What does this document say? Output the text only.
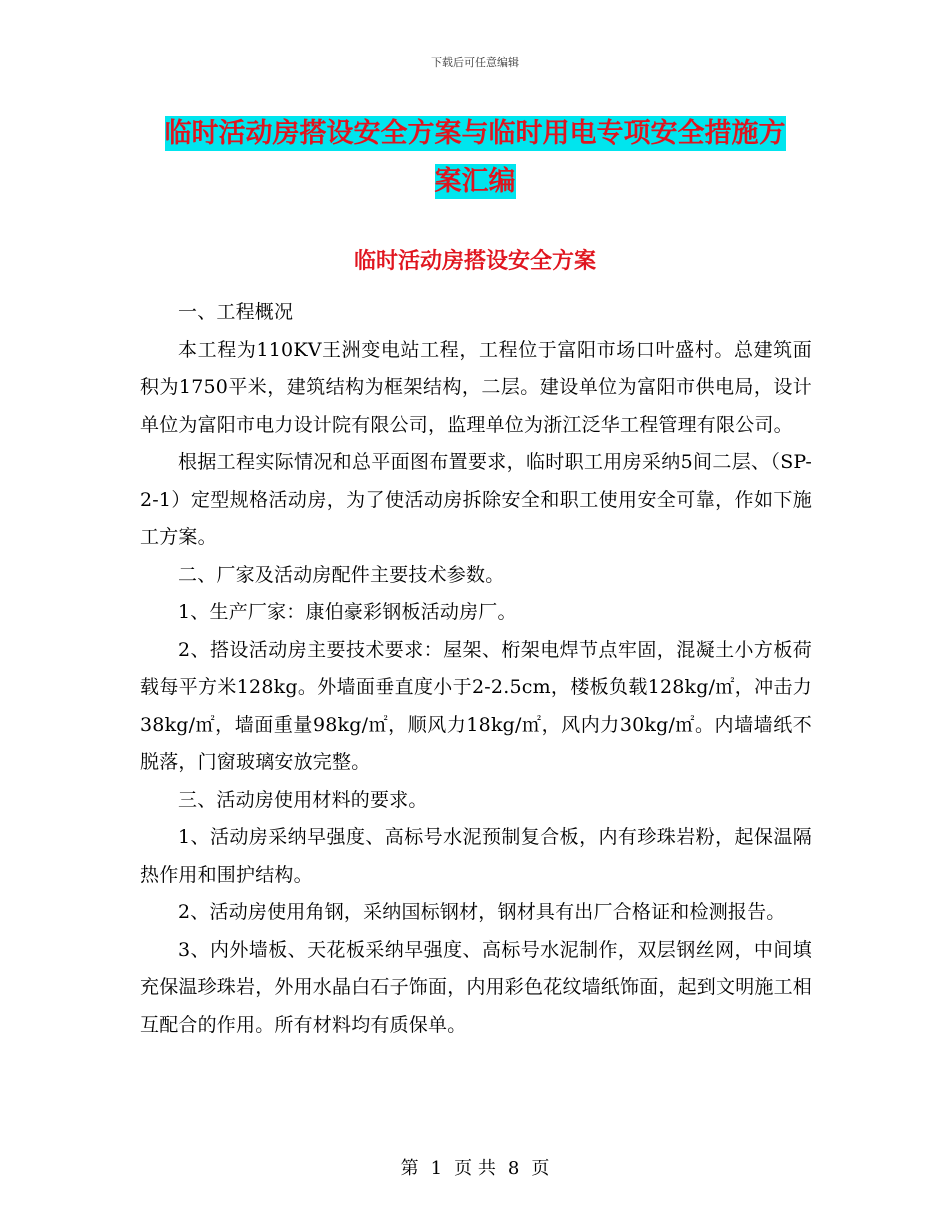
下载后可任意编辑
临时活动房搭设安全方案与临时用电专项安全措施方
案汇编
临时活动房搭设安全方案

一、工程概况

本工程为110KV王洲变电站工程，工程位于富阳市场口叶盛村。总建筑面积为1750平米，建筑结构为框架结构，二层。建设单位为富阳市供电局，设计单位为富阳市电力设计院有限公司，监理单位为浙江泛华工程管理有限公司。

根据工程实际情况和总平面图布置要求，临时职工用房采纳5间二层、（SP-2-1）定型规格活动房，为了使活动房拆除安全和职工使用安全可靠，作如下施工方案。

二、厂家及活动房配件主要技术参数。

1、生产厂家：康伯豪彩钢板活动房厂。

2、搭设活动房主要技术要求：屋架、桁架电焊节点牢固，混凝土小方板荷载每平方米128kg。外墙面垂直度小于2-2.5cm，楼板负载128kg/㎡，冲击力38kg/㎡，墙面重量98kg/㎡，顺风力18kg/㎡，风内力30kg/㎡。内墙墙纸不脱落，门窗玻璃安放完整。

三、活动房使用材料的要求。

1、活动房采纳早强度、高标号水泥预制复合板，内有珍珠岩粉，起保温隔热作用和围护结构。

2、活动房使用角钢，采纳国标钢材，钢材具有出厂合格证和检测报告。

3、内外墙板、天花板采纳早强度、高标号水泥制作，双层钢丝网，中间填充保温珍珠岩，外用水晶白石子饰面，内用彩色花纹墙纸饰面，起到文明施工相互配合的作用。所有材料均有质保单。

第 1 页 共 8 页
